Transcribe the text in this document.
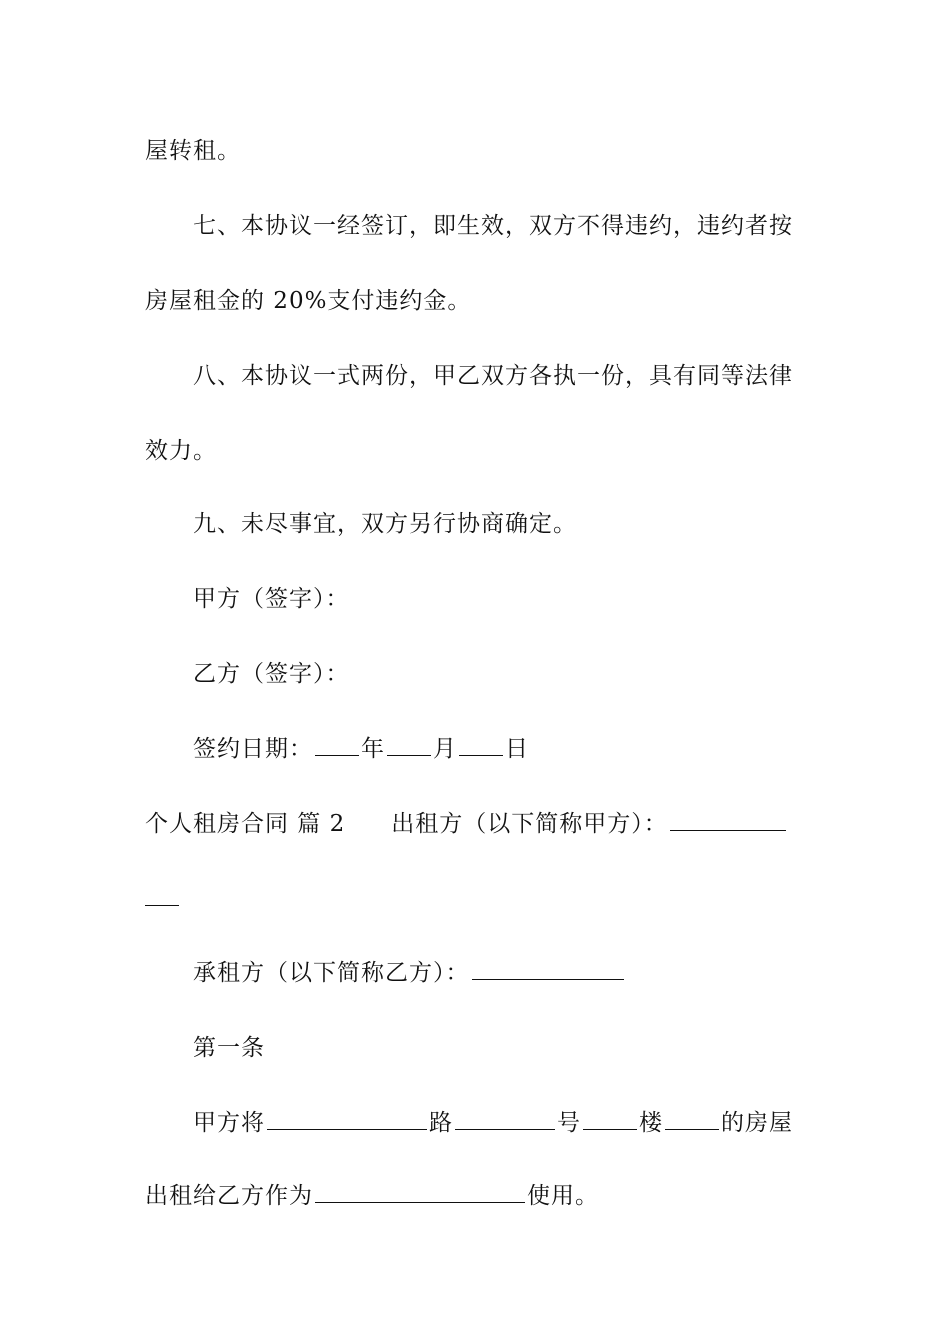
屋转租。
七、本协议一经签订，即生效，双方不得违约，违约者按
房屋租金的 20%支付违约金。
八、本协议一式两份，甲乙双方各执一份，具有同等法律
效力。
九、未尽事宜，双方另行协商确定。
甲方（签字）：
乙方（签字）：
签约日期： 年 月 日
个人租房合同 篇 2 出租方（以下简称甲方）：
承租方（以下简称乙方）：
第一条
甲方将	路	号	楼	的房屋
出租给乙方作为	使用。
